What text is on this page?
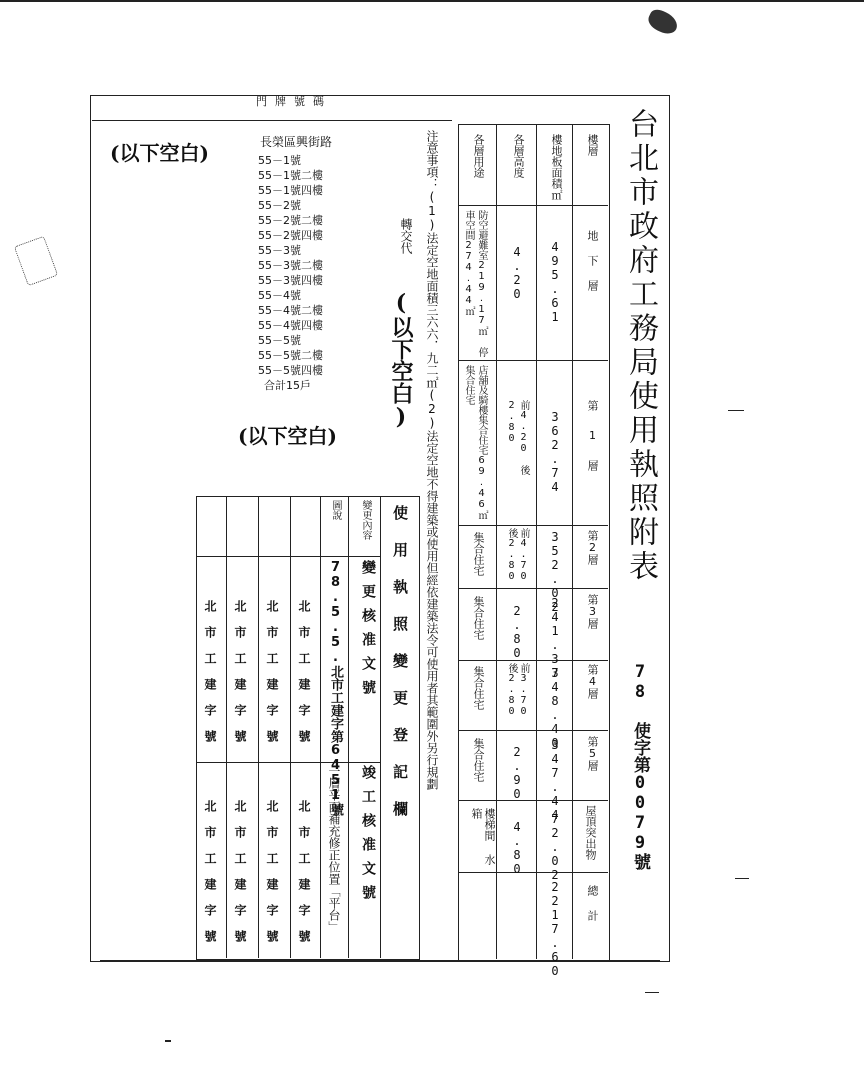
台北市政府工務局使用執照附表
78 使字第0079號
樓層
樓地板面積㎡
各層高度
各層用途
地下層
495.61
4.20
防空避難室219.17㎡ 停車空間274.44㎡
第1層
362.74
前4.20 後2.80
店舖及騎樓集合住宅69.46㎡ 集合住宅
第2層
352.02
前4.70 後2.80
集合住宅
第3層
241.37
2.80
集合住宅
第4層
348.40
前3.70 後2.80
集合住宅
第5層
347.44
2.90
集合住宅
屋頂突出物
72.02
4.80
樓梯間 水箱
總計
2217.60
注意事項：(1)法定空地面積三六六．九二㎡(2)法定空地不得建築或使用但經依建築法令可使用者其範圍外另行規劃
轉交代
(以下空白)
門牌號碼
(以下空白)	長榮區興街路
55－1號
55－1號二樓
55－1號四樓
55－2號
55－2號二樓
55－2號四樓
55－3號
55－3號二樓
55－3號四樓
55－4號
55－4號二樓
55－4號四樓
55－5號
55－5號二樓
55－5號四樓
合計15戶
(以下空白)
使用執照變更登記欄
變更核准文號
竣工核准文號
變更內容
圖說
78.5.5.北市工建字第6451號
一層平面補充修正位置「平台」
北市工建字號
北市工建字號
北市工建字號
北市工建字號
北市工建字號
北市工建字號
北市工建字號
北市工建字號
